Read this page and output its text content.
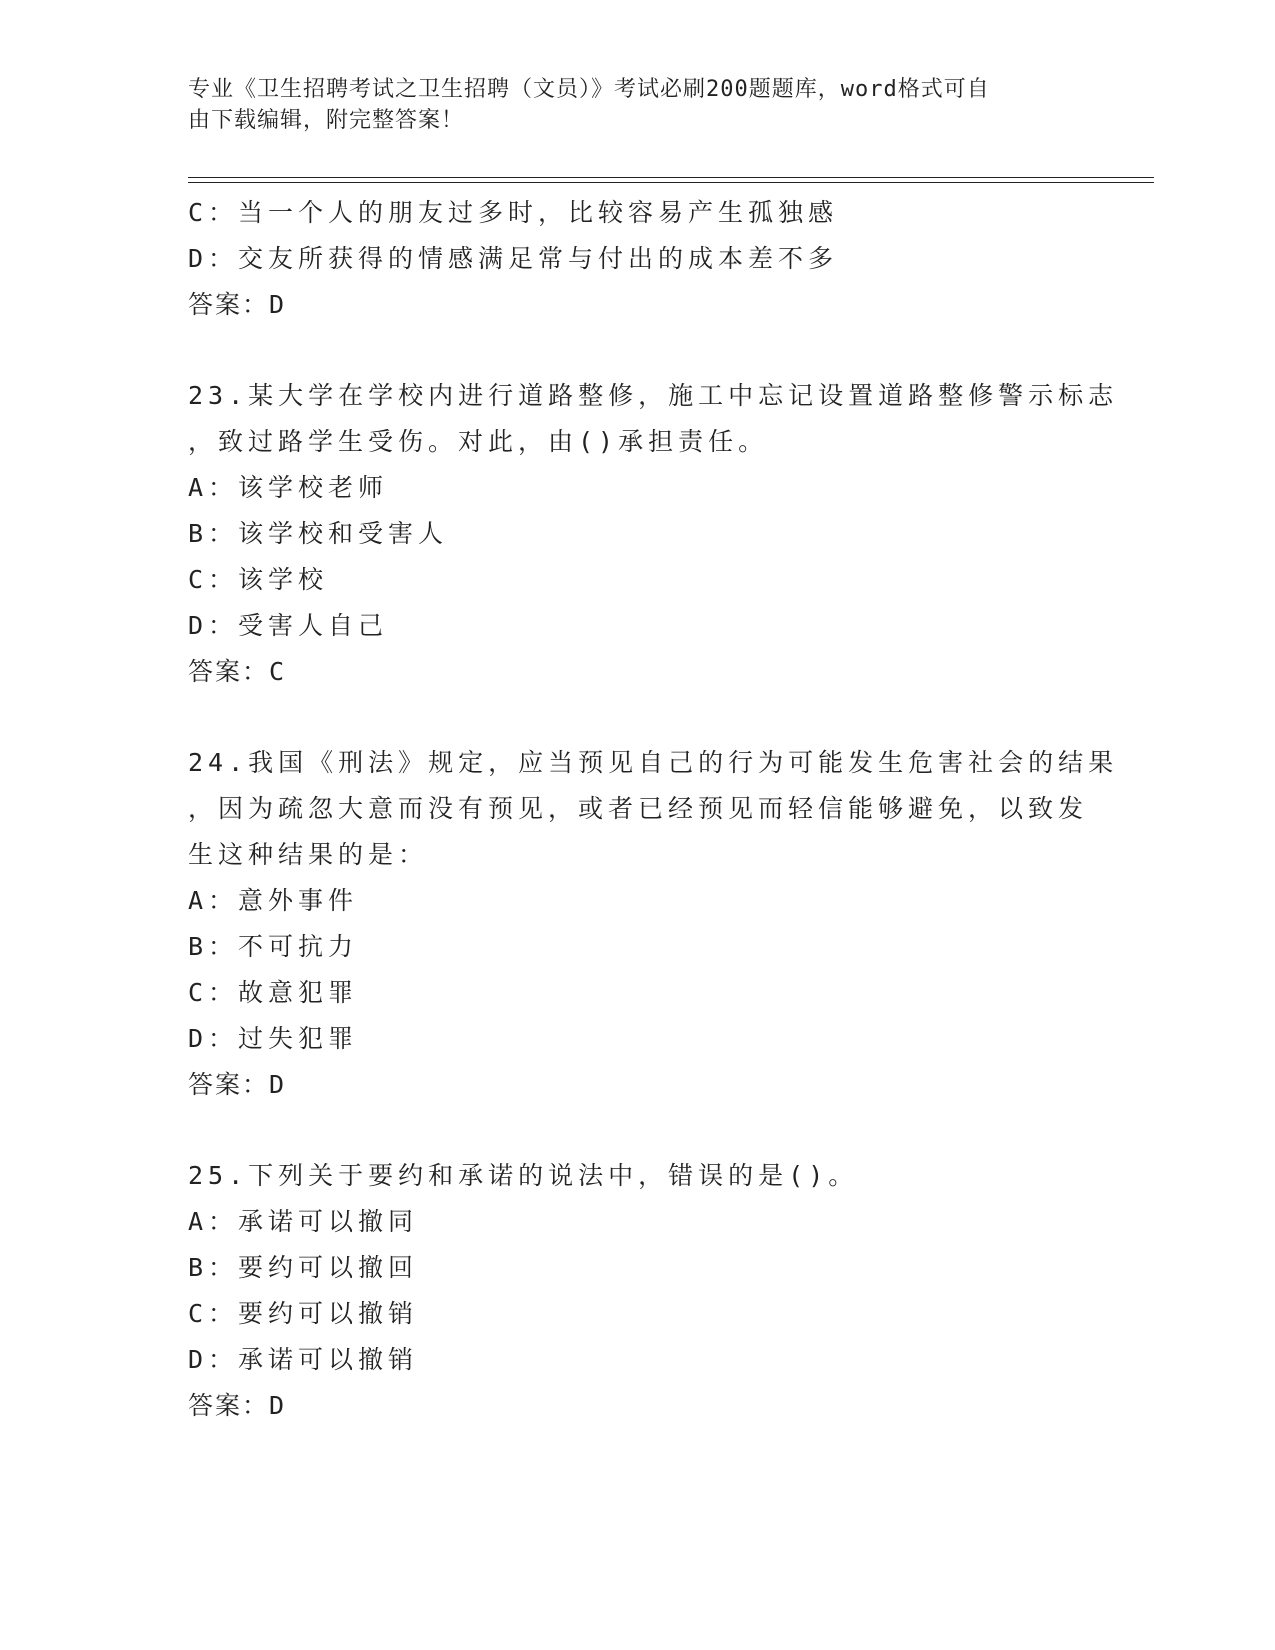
专业《卫生招聘考试之卫生招聘（文员）》考试必刷200题题库，word格式可自
由下载编辑，附完整答案！
C：当一个人的朋友过多时，比较容易产生孤独感
D：交友所获得的情感满足常与付出的成本差不多
答案：D
23.某大学在学校内进行道路整修，施工中忘记设置道路整修警示标志
，致过路学生受伤。对此，由()承担责任。
A：该学校老师
B：该学校和受害人
C：该学校
D：受害人自己
答案：C
24.我国《刑法》规定，应当预见自己的行为可能发生危害社会的结果
，因为疏忽大意而没有预见，或者已经预见而轻信能够避免，以致发
生这种结果的是：
A：意外事件
B：不可抗力
C：故意犯罪
D：过失犯罪
答案：D
25.下列关于要约和承诺的说法中，错误的是()。
A：承诺可以撤同
B：要约可以撤回
C：要约可以撤销
D：承诺可以撤销
答案：D
